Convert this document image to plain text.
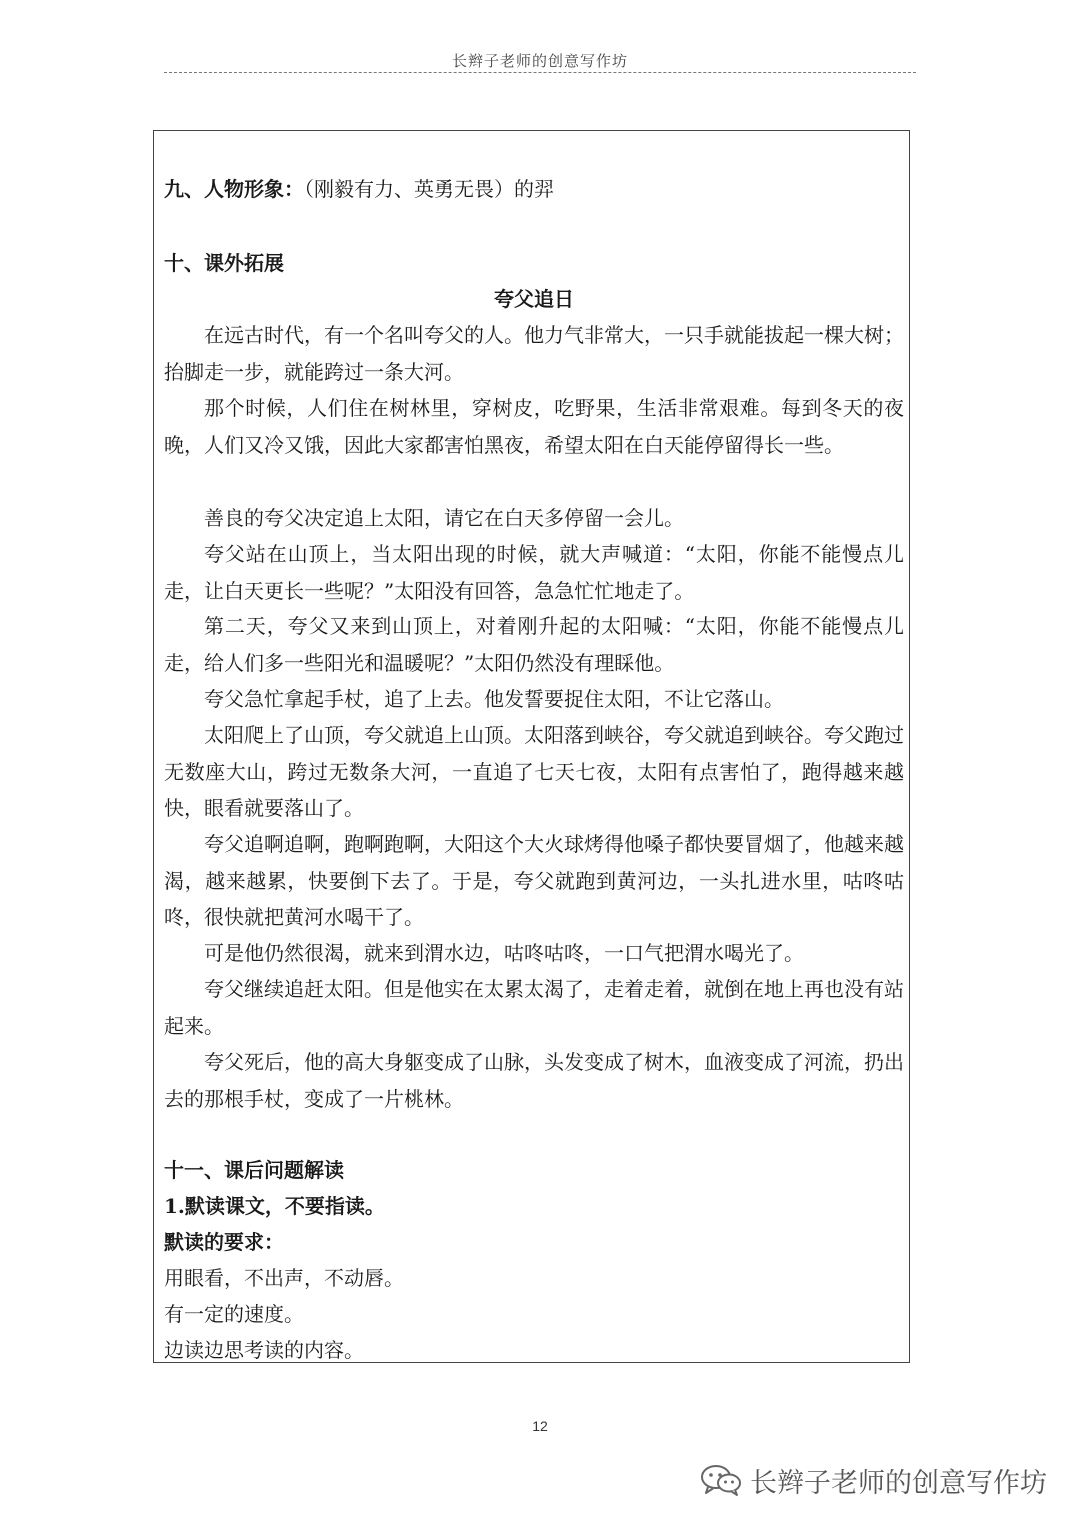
长辫子老师的创意写作坊
九、人物形象：（刚毅有力、英勇无畏）的羿
十、课外拓展
夸父追日
在远古时代，有一个名叫夸父的人。他力气非常大，一只手就能拔起一棵大树；抬脚走一步，就能跨过一条大河。
那个时候，人们住在树林里，穿树皮，吃野果，生活非常艰难。每到冬天的夜晚，人们又冷又饿，因此大家都害怕黑夜，希望太阳在白天能停留得长一些。
善良的夸父决定追上太阳，请它在白天多停留一会儿。
夸父站在山顶上，当太阳出现的时候，就大声喊道：“太阳，你能不能慢点儿走，让白天更长一些呢？”太阳没有回答，急急忙忙地走了。
第二天，夸父又来到山顶上，对着刚升起的太阳喊：“太阳，你能不能慢点儿走，给人们多一些阳光和温暖呢？”太阳仍然没有理睬他。
夸父急忙拿起手杖，追了上去。他发誓要捉住太阳，不让它落山。
太阳爬上了山顶，夸父就追上山顶。太阳落到峡谷，夸父就追到峡谷。夸父跑过无数座大山，跨过无数条大河，一直追了七天七夜，太阳有点害怕了，跑得越来越快，眼看就要落山了。
夸父追啊追啊，跑啊跑啊，大阳这个大火球烤得他嗓子都快要冒烟了，他越来越渴，越来越累，快要倒下去了。于是，夸父就跑到黄河边，一头扎进水里，咕咚咕咚，很快就把黄河水喝干了。
可是他仍然很渴，就来到渭水边，咕咚咕咚，一口气把渭水喝光了。
夸父继续追赶太阳。但是他实在太累太渴了，走着走着，就倒在地上再也没有站起来。
夸父死后，他的高大身躯变成了山脉，头发变成了树木，血液变成了河流，扔出去的那根手杖，变成了一片桃林。
十一、课后问题解读
1.默读课文，不要指读。
默读的要求：
用眼看，不出声，不动唇。
有一定的速度。
边读边思考读的内容。
12
长辫子老师的创意写作坊
